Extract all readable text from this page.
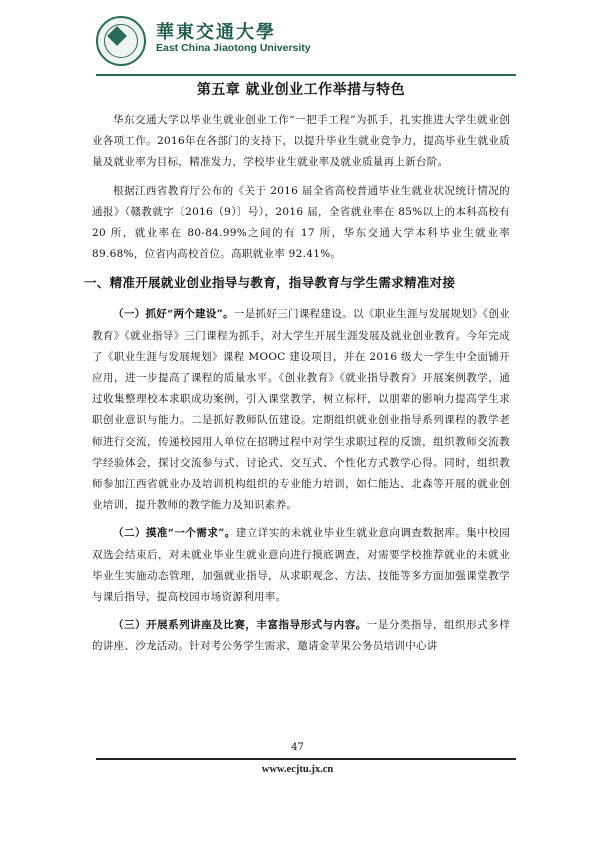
華東交通大學
East China Jiaotong University
第五章 就业创业工作举措与特色

华东交通大学以毕业生就业创业工作“一把手工程”为抓手，扎实推进大学生就业创业各项工作。2016年在各部门的支持下，以提升毕业生就业竞争力，提高毕业生就业质量及就业率为目标，精准发力，学校毕业生就业率及就业质量再上新台阶。

根据江西省教育厅公布的《关于 2016 届全省高校普通毕业生就业状况统计情况的通报》（赣教就字〔2016（9）〕号），2016 届，全省就业率在 85%以上的本科高校有 20 所，就业率在 80-84.99%之间的有 17 所，华东交通大学本科毕业生就业率 89.68%，位省内高校首位。高职就业率 92.41%。

一、精准开展就业创业指导与教育，指导教育与学生需求精准对接

（一）抓好“两个建设”。一是抓好三门课程建设。以《职业生涯与发展规划》《创业教育》《就业指导》三门课程为抓手，对大学生开展生涯发展及就业创业教育。今年完成了《职业生涯与发展规划》课程 MOOC 建设项目，并在 2016 级大一学生中全面铺开应用，进一步提高了课程的质量水平。《创业教育》《就业指导教育》开展案例教学，通过收集整理校本求职成功案例，引入课堂教学，树立标杆，以朋辈的影响力提高学生求职创业意识与能力。二是抓好教师队伍建设。定期组织就业创业指导系列课程的教学老师进行交流，传递校园用人单位在招聘过程中对学生求职过程的反馈，组织教师交流教学经验体会，探讨交流参与式、讨论式、交互式、个性化方式教学心得。同时，组织教师参加江西省就业办及培训机构组织的专业能力培训，如仁能达、北森等开展的就业创业培训，提升教师的教学能力及知识素养。

（二）摸准“一个需求”。建立详实的未就业毕业生就业意向调查数据库。集中校园双选会结束后，对未就业毕业生就业意向进行摸底调查，对需要学校推荐就业的未就业毕业生实施动态管理，加强就业指导，从求职观念、方法、技能等多方面加强课堂教学与课后指导，提高校园市场资源利用率。

（三）开展系列讲座及比赛，丰富指导形式与内容。一是分类指导，组织形式多样的讲座、沙龙活动。针对考公务学生需求，邀请金苹果公务员培训中心讲

47
www.ecjtu.jx.cn
